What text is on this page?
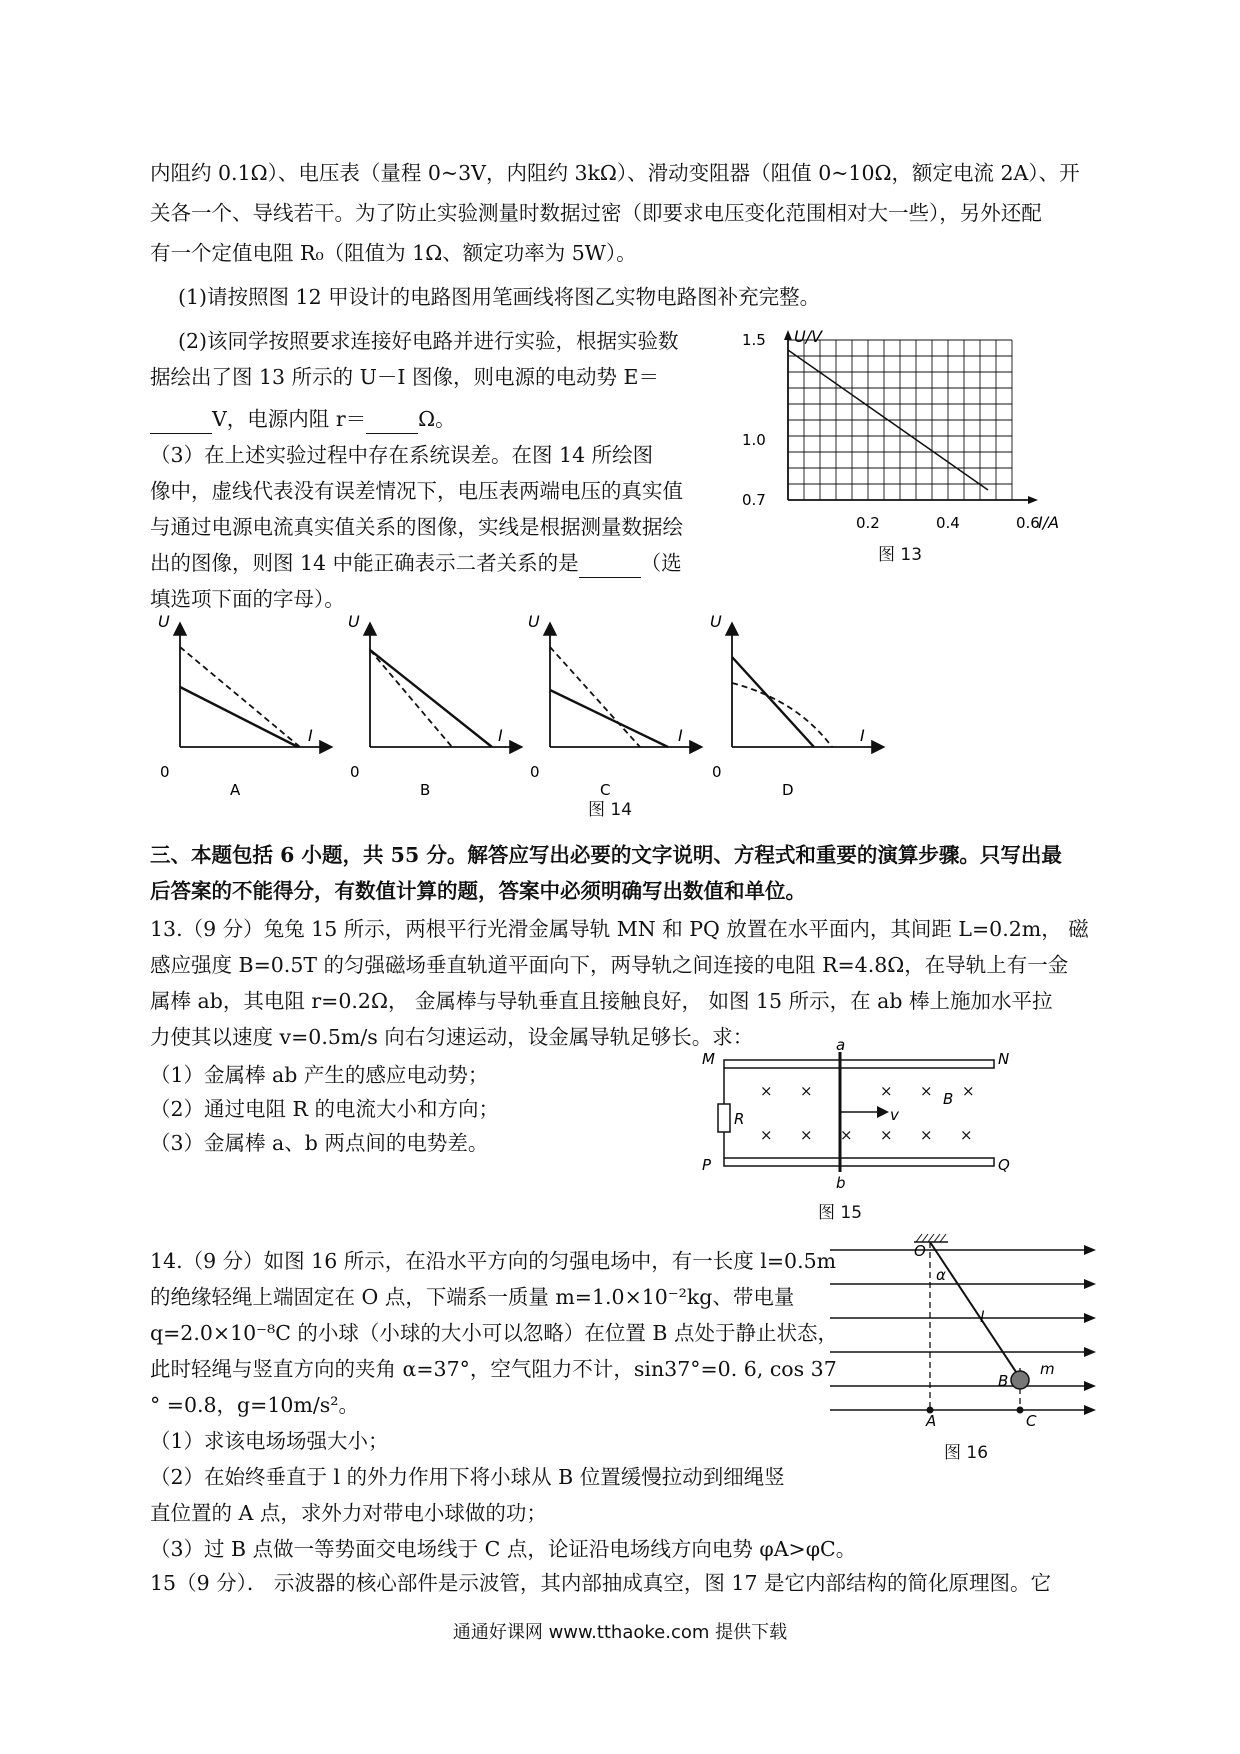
内阻约 0.1Ω）、电压表（量程 0~3V，内阻约 3kΩ）、滑动变阻器（阻值 0~10Ω，额定电流 2A）、开
关各一个、导线若干。为了防止实验测量时数据过密（即要求电压变化范围相对大一些），另外还配
有一个定值电阻 R₀（阻值为 1Ω、额定功率为 5W）。
(1)请按照图 12 甲设计的电路图用笔画线将图乙实物电路图补充完整。
(2)该同学按照要求连接好电路并进行实验，根据实验数
据绘出了图 13 所示的 U－I 图像，则电源的电动势 E＝
V，电源内阻 r＝	Ω。
（3）在上述实验过程中存在系统误差。在图 14 所绘图
像中，虚线代表没有误差情况下，电压表两端电压的真实值
与通过电源电流真实值关系的图像，实线是根据测量数据绘
出的图像，则图 14 中能正确表示二者关系的是	（选
填选项下面的字母）。
U/V
I/A
1.5
1.0
0.7
0.2	0.4	0.6
图 13
U
I
0
A
U
I
0
B
U
I
0
C
U
I
0
D
图 14
三、本题包括 6 小题，共 55 分。解答应写出必要的文字说明、方程式和重要的演算步骤。只写出最
后答案的不能得分，有数值计算的题，答案中必须明确写出数值和单位。
13.（9 分）兔兔 15 所示，两根平行光滑金属导轨 MN 和 PQ 放置在水平面内，其间距 L=0.2m， 磁
感应强度 B=0.5T 的匀强磁场垂直轨道平面向下，两导轨之间连接的电阻 R=4.8Ω，在导轨上有一金
属棒 ab，其电阻 r=0.2Ω， 金属棒与导轨垂直且接触良好， 如图 15 所示，在 ab 棒上施加水平拉
力使其以速度 v=0.5m/s 向右匀速运动，设金属导轨足够长。求：
（1）金属棒 ab 产生的感应电动势；
（2）通过电阻 R 的电流大小和方向；
（3）金属棒 a、b 两点间的电势差。
× ×	× × ×
× × × × × ×
M	N
P	Q
a
b
R
B
v
图 15
14.（9 分）如图 16 所示，在沿水平方向的匀强电场中，有一长度 l=0.5m
的绝缘轻绳上端固定在 O 点，下端系一质量 m=1.0×10⁻²kg、带电量
q=2.0×10⁻⁸C 的小球（小球的大小可以忽略）在位置 B 点处于静止状态，
此时轻绳与竖直方向的夹角 α=37°，空气阻力不计，sin37°=0. 6, cos 37
° =0.8，g=10m/s²。
（1）求该电场场强大小；
（2）在始终垂直于 l 的外力作用下将小球从 B 位置缓慢拉动到细绳竖
直位置的 A 点，求外力对带电小球做的功；
（3）过 B 点做一等势面交电场线于 C 点，论证沿电场线方向电势 φA>φC。
O
α
l
B
m
A	C
图 16
15（9 分）． 示波器的核心部件是示波管，其内部抽成真空，图 17 是它内部结构的简化原理图。它
通通好课网 www.tthaoke.com 提供下载
